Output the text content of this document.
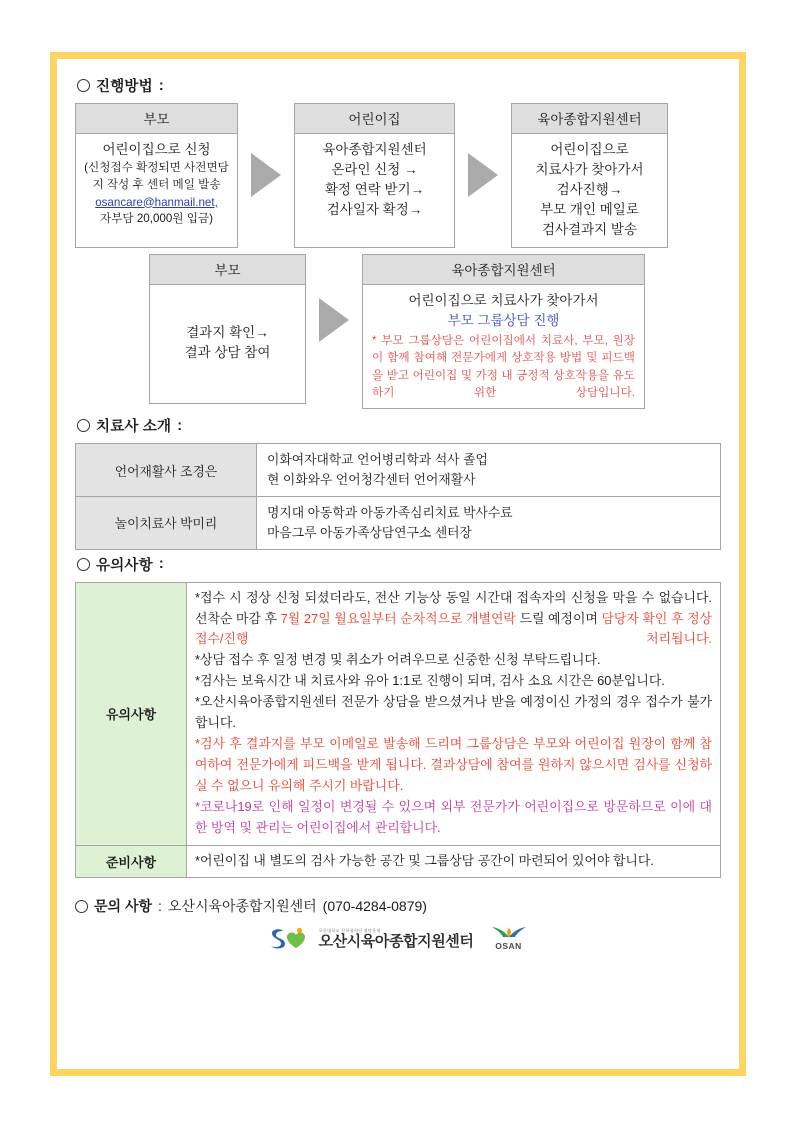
진행방법 :
부모
어린이집으로 신청
(신청접수 확정되면 사전면담
지 작성 후 센터 메일 발송
osancare@hanmail.net,
자부담 20,000원 입금)
어린이집
육아종합지원센터
온라인 신청 →
확정 연락 받기→
검사일자 확정→
육아종합지원센터
어린이집으로
치료사가 찾아가서
검사진행→
부모 개인 메일로
검사결과지 발송
부모
결과지 확인→
결과 상담 참여
육아종합지원센터
어린이집으로 치료사가 찾아가서
부모 그룹상담 진행
* 부모 그룹상담은 어린이집에서 치료사, 부모, 원장이 함께 참여해 전문가에게 상호작용 방법 및 피드백을 받고 어린이집 및 가정 내 긍정적 상호작용을 유도하기 위한 상담입니다.
치료사 소개 :
언어재활사 조경은	이화여자대학교 언어병리학과 석사 졸업
현 이화와우 언어청각센터 언어재활사

놀이치료사 박미리	명지대 아동학과 아동가족심리치료 박사수료
마음그루 아동가족상담연구소 센터장
유의사항 :
유의사항	
*접수 시 정상 신청 되셨더라도, 전산 기능상 동일 시간대 접속자의 신청을 막을 수 없습니다. 선착순 마감 후 7월 27일 월요일부터 순차적으로 개별연락 드릴 예정이며 담당자 확인 후 정상 접수/진행 처리됩니다.
*상담 접수 후 일정 변경 및 취소가 어려우므로 신중한 신청 부탁드립니다.
*검사는 보육시간 내 치료사와 유아 1:1로 진행이 되며, 검사 소요 시간은 60분입니다.
*오산시육아종합지원센터 전문가 상담을 받으셨거나 받을 예정이신 가정의 경우 접수가 불가합니다.
*검사 후 결과지를 부모 이메일로 발송해 드리며 그룹상담은 부모와 어린이집 원장이 함께 참여하여 전문가에게 피드백을 받게 됩니다. 결과상담에 참여를 원하지 않으시면 검사를 신청하실 수 없으니 유의해 주시기 바랍니다.
*코로나19로 인해 일정이 변경될 수 있으며 외부 전문가가 어린이집으로 방문하므로 이에 대한 방역 및 관리는 어린이집에서 관리합니다.

준비사항	*어린이집 내 별도의 검사 가능한 공간 및 그룹상담 공간이 마련되어 있어야 합니다.
문의 사항 : 오산시육아종합지원센터 (070-4284-0879)
오산대학교 산학협력단 위탁운영
오산시육아종합지원센터	OSAN
